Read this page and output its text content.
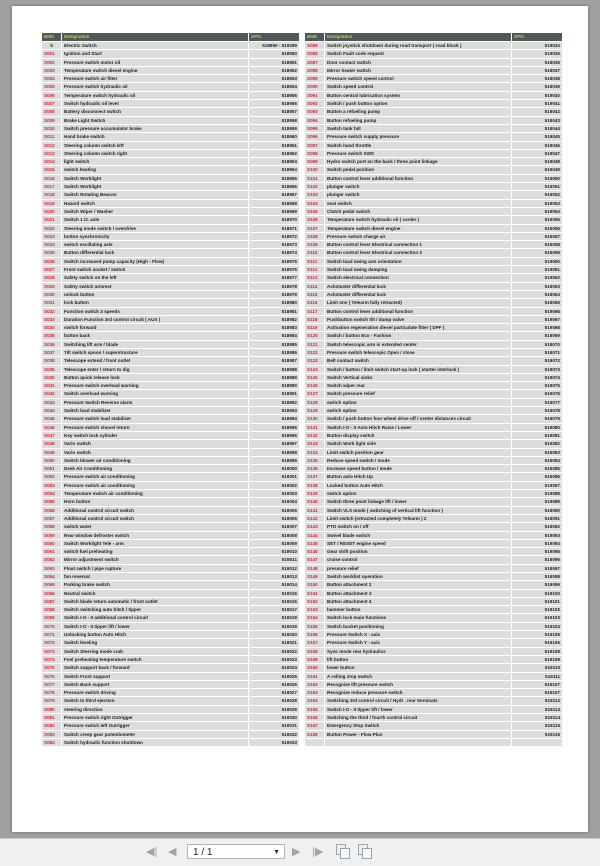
BMK		Designation		SPN
S		Electric Switch		518950 - 519299
S001		Ignition and Start		518950
S002		Pressure switch motor oil		518951
S003		Temperature switch diesel engine		518952
S004		Pressure switch air filter		518953
S005		Pressure switch hydraulic oil		518954
S006		Temperature switch hydraulic oil		518955
S007		Switch hydraulic oil level		518956
S008		Battery disconnect switch		518957
S009		Brake Light Switch		518958
S010		Switch pressure accumulator brake		518959
S011		Hand brake switch		518960
S012		Steering column switch left		518961
S013		Steering column switch right		518962
S014		light switch		518963
S015		switch heating		518964
S016		Switch Worklight		518965
S017		Switch Worklight		518966
S018		Switch Rotating Beacon		518967
S019		Hazard switch		518968
S020		Switch Wiper / Washer		518969
S021		Switch 1 /2. axle		518970
S022		Steering mode switch / overdrive		518971
S023		button synchronicity		518972
S024		switch oscillating axle		518973
S025		Button differential lock		518974
S026		Switch increased pump capacity (High - Flow)		518975
S027		Front switch socket / switch		518976
S028		Safety switch on the left		518977
S029		Safety switch armrest		518978
S030		unlock button		518979
S031		lock button		518980
S032		Function switch 3 speeds		518981
S033		Duration Function 3rd control circuit ( AUX )		518982
S034		switch forward		518983
S035		button back		518984
S036		Switching lift arm / blade		518985
S037		Tilt switch spoon / superstructure		518986
S038		Telescope extend / front outlet		518987
S039		Telescope enter / return to dig		518988
S040		Button quick release lock		518989
S041		Pressure switch overload warning		518990
S042		Switch overload warning		518991
S043		Pressure Switch Reverse alarm		518992
S044		Switch load stabilizer		518993
S045		Pressure switch load stabilizer		518994
S046		Pressure switch shovel return		518995
S047		Key switch lock cylinder		518996
S048		Vario switch		518997
S049		Vario switch		518998
S050		Switch blower air conditioning		518999
S051		Desk Air Conditioning		519000
S052		Pressure switch air conditioning		519001
S053		Pressure switch air conditioning		519002
S054		Temperature switch air conditioning		519003
S055		Horn button		519004
S056		Additional control circuit switch		519005
S057		Additional control circuit switch		519006
S058		switch water		519007
S059		Rear window defroster switch		519008
S060		Switch Worklight Tele - arm		519009
S061		switch fuel preheating		519010
S062		Mirror adjustment switch		519011
S063		Float switch / pipe rupture		519012
S064		fan reversal		519013
S065		Parking brake switch		519014
S066		Neutral switch		519015
S067		Switch blade return automatic / front outlet		519016
S068		Switch switching auto hitch / tipper		519017
S069		Switch I-O - II additional control circuit		519018
S070		Switch I-O - II tipper lift / lower		519019
S071		Unlocking button Auto Hitch		519020
S072		Switch leveling		519021
S073		Switch Steering mode crab		519022
S074		Fuel preheating temperature switch		519023
S075		Switch support back / forward		519024
S076		Switch Front support		519025
S077		Switch Back support		519026
S078		Pressure switch driving		519027
S079		Switch to third ejection		519028
S080		steering direction		519029
S081		Pressure switch right Outrigger		519030
S082		Pressure switch left Outrigger		519031
S083		Switch creep gear potentiometer		519032
S084		Switch hydraulic function shutdown		519033
BMK		Designation		SPN
S085		Switch joystick shutdown during road transport ( road block )		519034
S086		Switch Fault code request		519035
S087		Door contact switch		519036
S088		Mirror heater switch		519037
S089		Pressure switch speed control		519038
S090		Switch speed control		519039
S091		Button central lubrication system		519040
S092		Switch / push button option		519041
S093		Button a refueling pump		519042
S094		Button refueling pump		519043
S095		Switch tank full		519044
S096		Pressure switch supply pressure		519045
S097		Switch hand throttle		519046
S098		Pressure switch SWS		519047
S099		Hydro switch port on the back / three point linkage		519048
S100		Switch pedal position		519049
S101		Button control lever additional function		519050
S102		plunger switch		519051
S103		plunger switch		519052
S104		seat switch		519053
S105		Clutch pedal switch		519054
S106		Temperature switch hydraulic oil ( cooler )		519055
S107		Temperature switch diesel engine		519056
S108		Pressure switch charge air		519057
S109		Button control lever Electrical connection 1		519058
S110		Button control lever Electrical connection 2		519059
S111		Switch load swing arm orientation		519060
S112		Switch load swing damping		519061
S113		Switch electrical connection		519062
S114		Achstaster differential lock		519063
S115		Achstaster differential lock		519064
S116		Limit one ( Telearm fully retracted)		519065
S117		Button control lever additional function		519066
S118		Pushbutton switch tilt / dump valve		519067
S119		Activation regeneration diesel particulate filter ( DPF )		519068
S120		Switch / button Eco - Fashion		519069
S121		Switch telescopic arm is extended center		519070
S122		Pressure switch telescopic Open / close		519071
S123		Belt contact switch		519072
S124		Switch / button / limit switch start-up lock ( starter interlock )		519073
S125		Switch Vertical sinks		519074
S126		Switch wiper rear		519075
S127		Switch pressure relief		519076
S128		switch option		519077
S129		switch option		519078
S130		Switch / push button four wheel drive off / center distances circuit		519079
S131		Switch I-O - II Auto Hitch Raise / Lower		519080
S132		Button display switch		519081
S133		Switch Work light side		519082
S134		Limit switch position gear		519083
S135		Reduce speed switch / mode		519084
S136		Increase speed button / mode		519085
S137		Button auto Hitch Up		519086
S138		Locked button Auto Hitch		519087
S139		switch option		519088
S140		Switch three point linkage lift / lower		519089
S141		Switch VLS mode ( switching of vertical lift function )		519090
S142		Limit switch (retracted completely Telearm ) 2		519091
S143		PTO switch on / off		519092
S144		Swivel blade switch		519093
S145		SET / RESET engine speed		519094
S146		Gear shift position		519095
S147		cruise control		519096
S148		pressure relief		519097
S149		Switch worklist operation		519098
S150		Button attachment 2		519099
S151		Button attachment 3		519100
S152		Button attachment 4		519101
S153		hammer button		519102
S154		Switch lock main functions		519103
S155		Switch bucket positioning		519104
S156		Pressure Switch X - axis		519105
S157		Pressure Switch Y - axis		519106
S158		Sync mode rear hydraulics		519108
S159		lift button		519109
S160		lower button		519110
S161		A rolling stop switch		519111
S162		Recognize lift pressure switch		519107
S163		Recognize reduce pressure switch		519107
S164		Switching 3rd control circuit / Hydr . rear terminals		519112
S165		Switch I-O - II tipper lift / lower		519113
S166		Switching the third / fourth control circuit		519114
S167		Emergency Stop Switch		519115
S168		Button Power - Flow Plus		519116

◀​| ◀	1 / 1	▼ ▶ |▶
